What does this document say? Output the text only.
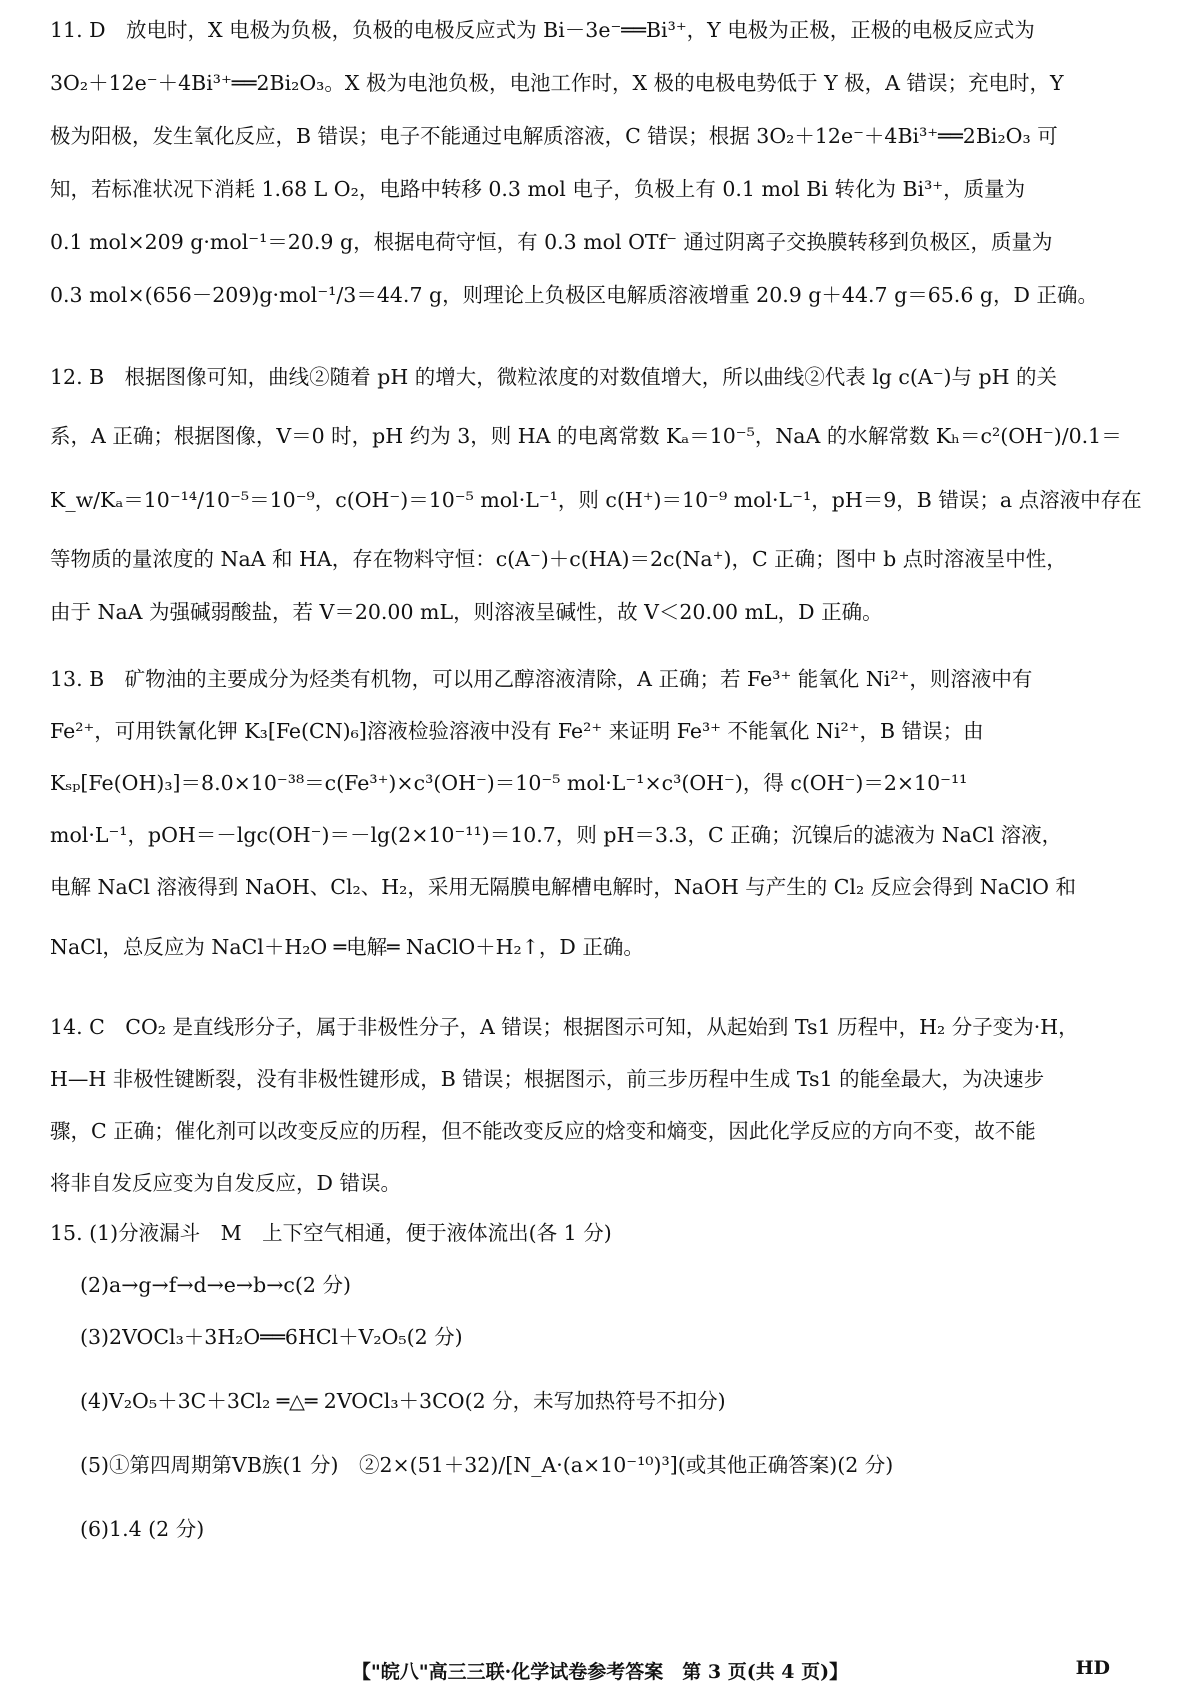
11. D　放电时，X 电极为负极，负极的电极反应式为 Bi－3e⁻══Bi³⁺，Y 电极为正极，正极的电极反应式为
3O₂＋12e⁻＋4Bi³⁺══2Bi₂O₃。X 极为电池负极，电池工作时，X 极的电极电势低于 Y 极，A 错误；充电时，Y
极为阳极，发生氧化反应，B 错误；电子不能通过电解质溶液，C 错误；根据 3O₂＋12e⁻＋4Bi³⁺══2Bi₂O₃ 可
知，若标准状况下消耗 1.68 L O₂，电路中转移 0.3 mol 电子，负极上有 0.1 mol Bi 转化为 Bi³⁺，质量为
0.1 mol×209 g·mol⁻¹＝20.9 g，根据电荷守恒，有 0.3 mol OTf⁻ 通过阴离子交换膜转移到负极区，质量为
0.3 mol×(656－209)g·mol⁻¹/3＝44.7 g，则理论上负极区电解质溶液增重 20.9 g＋44.7 g＝65.6 g，D 正确。
12. B　根据图像可知，曲线②随着 pH 的增大，微粒浓度的对数值增大，所以曲线②代表 lg c(A⁻)与 pH 的关
系，A 正确；根据图像，V＝0 时，pH 约为 3，则 HA 的电离常数 Kₐ＝10⁻⁵，NaA 的水解常数 Kₕ＝c²(OH⁻)/0.1＝
K_w/Kₐ＝10⁻¹⁴/10⁻⁵＝10⁻⁹，c(OH⁻)＝10⁻⁵ mol·L⁻¹，则 c(H⁺)＝10⁻⁹ mol·L⁻¹，pH＝9，B 错误；a 点溶液中存在
等物质的量浓度的 NaA 和 HA，存在物料守恒：c(A⁻)＋c(HA)＝2c(Na⁺)，C 正确；图中 b 点时溶液呈中性，
由于 NaA 为强碱弱酸盐，若 V＝20.00 mL，则溶液呈碱性，故 V＜20.00 mL，D 正确。
13. B　矿物油的主要成分为烃类有机物，可以用乙醇溶液清除，A 正确；若 Fe³⁺ 能氧化 Ni²⁺，则溶液中有
Fe²⁺，可用铁氰化钾 K₃[Fe(CN)₆]溶液检验溶液中没有 Fe²⁺ 来证明 Fe³⁺ 不能氧化 Ni²⁺，B 错误；由
Kₛₚ[Fe(OH)₃]＝8.0×10⁻³⁸＝c(Fe³⁺)×c³(OH⁻)＝10⁻⁵ mol·L⁻¹×c³(OH⁻)，得 c(OH⁻)＝2×10⁻¹¹
mol·L⁻¹，pOH＝－lgc(OH⁻)＝－lg(2×10⁻¹¹)＝10.7，则 pH＝3.3，C 正确；沉镍后的滤液为 NaCl 溶液，
电解 NaCl 溶液得到 NaOH、Cl₂、H₂，采用无隔膜电解槽电解时，NaOH 与产生的 Cl₂ 反应会得到 NaClO 和
NaCl，总反应为 NaCl＋H₂O ═电解═ NaClO＋H₂↑，D 正确。
14. C　CO₂ 是直线形分子，属于非极性分子，A 错误；根据图示可知，从起始到 Ts1 历程中，H₂ 分子变为·H，
H—H 非极性键断裂，没有非极性键形成，B 错误；根据图示，前三步历程中生成 Ts1 的能垒最大，为决速步
骤，C 正确；催化剂可以改变反应的历程，但不能改变反应的焓变和熵变，因此化学反应的方向不变，故不能
将非自发反应变为自发反应，D 错误。
15. (1)分液漏斗　M　上下空气相通，便于液体流出(各 1 分)
(2)a→g→f→d→e→b→c(2 分)
(3)2VOCl₃＋3H₂O══6HCl＋V₂O₅(2 分)
(4)V₂O₅＋3C＋3Cl₂ ═△═ 2VOCl₃＋3CO(2 分，未写加热符号不扣分)
(5)①第四周期第ⅤB族(1 分)　②2×(51＋32)/[N_A·(a×10⁻¹⁰)³](或其他正确答案)(2 分)
(6)1.4 (2 分)
【"皖八"高三三联·化学试卷参考答案　第 3 页(共 4 页)】	HD
